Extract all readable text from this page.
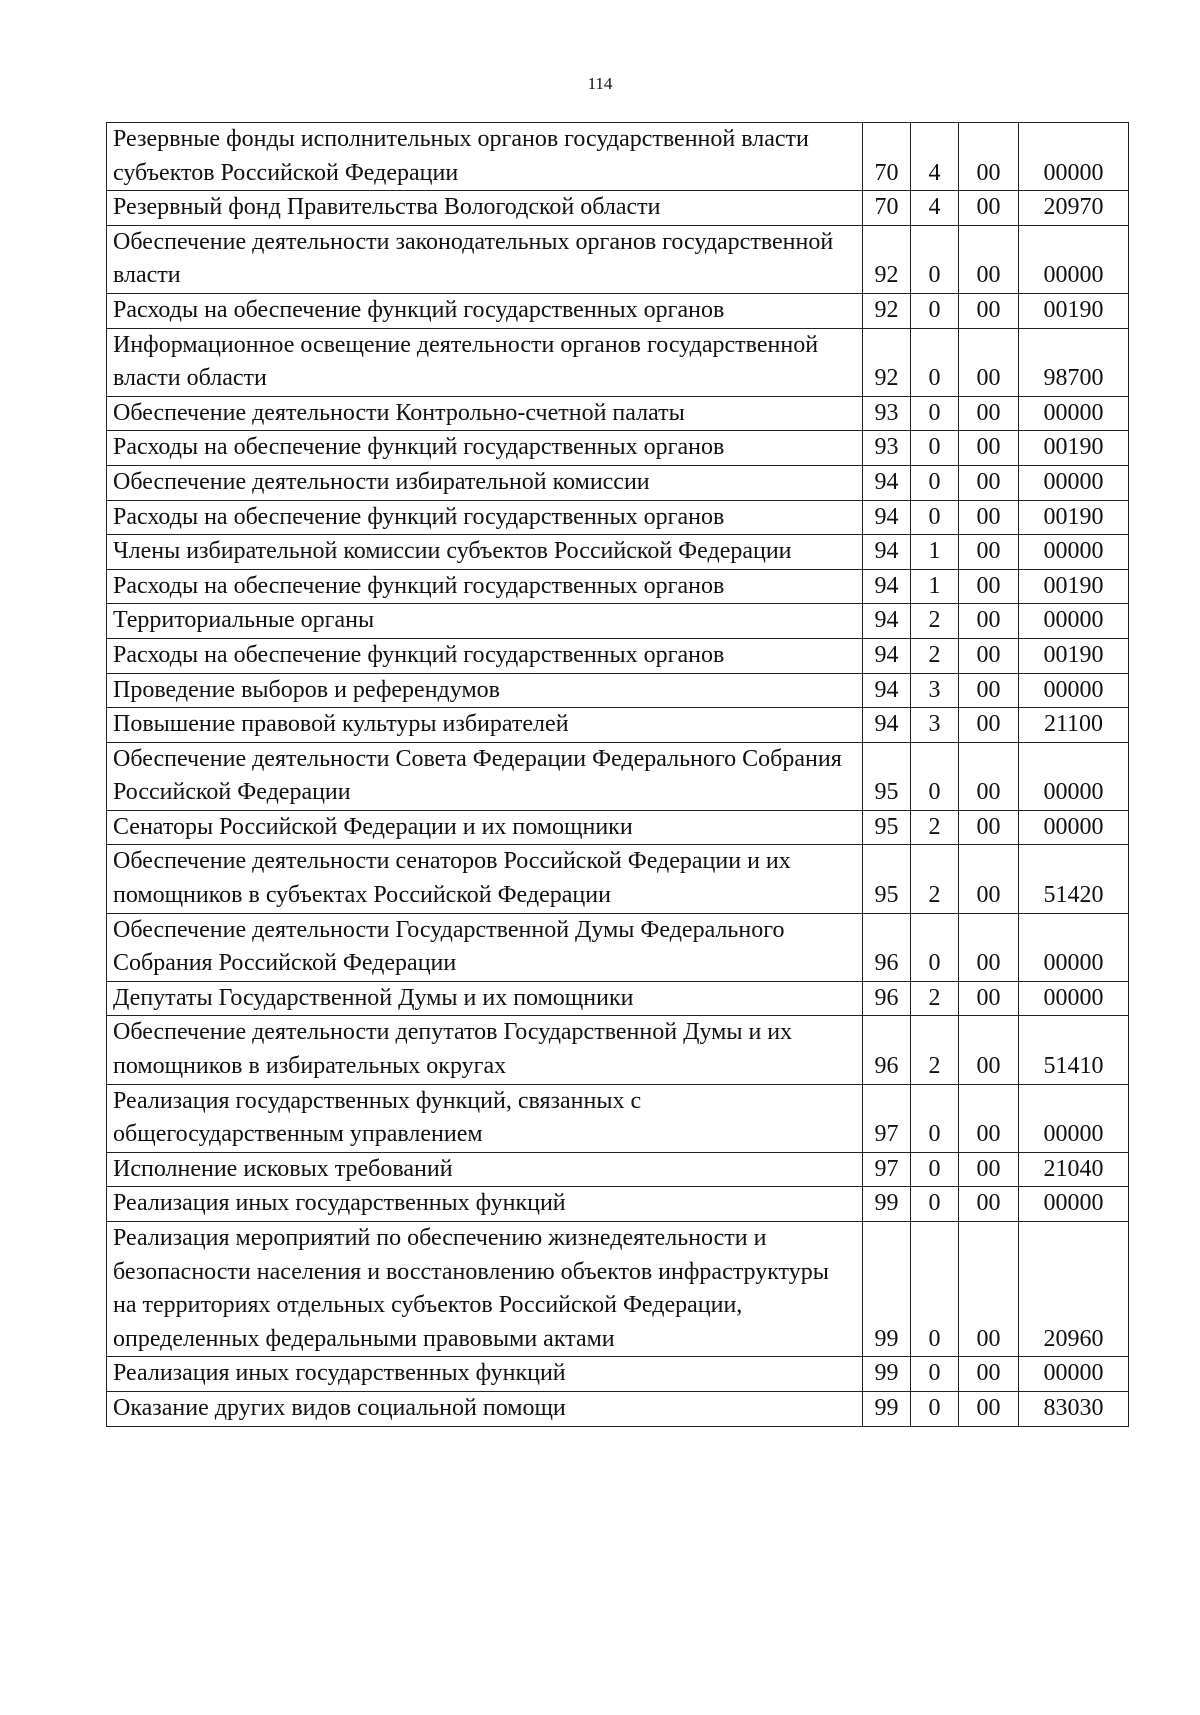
114
Резервные фонды исполнительных органов государственной власти субъектов Российской Федерации	70	4	00	00000
Резервный фонд Правительства Вологодской области	70	4	00	20970
Обеспечение деятельности законодательных органов государственной власти	92	0	00	00000
Расходы на обеспечение функций государственных органов	92	0	00	00190
Информационное освещение деятельности органов государственной власти области	92	0	00	98700
Обеспечение деятельности Контрольно-счетной палаты	93	0	00	00000
Расходы на обеспечение функций государственных органов	93	0	00	00190
Обеспечение деятельности избирательной комиссии	94	0	00	00000
Расходы на обеспечение функций государственных органов	94	0	00	00190
Члены избирательной комиссии субъектов Российской Федерации	94	1	00	00000
Расходы на обеспечение функций государственных органов	94	1	00	00190
Территориальные органы	94	2	00	00000
Расходы на обеспечение функций государственных органов	94	2	00	00190
Проведение выборов и референдумов	94	3	00	00000
Повышение правовой культуры избирателей	94	3	00	21100
Обеспечение деятельности Совета Федерации Федерального Собрания Российской Федерации	95	0	00	00000
Сенаторы Российской Федерации и их помощники	95	2	00	00000
Обеспечение деятельности сенаторов Российской Федерации и их помощников в субъектах Российской Федерации	95	2	00	51420
Обеспечение деятельности Государственной Думы Федерального Собрания Российской Федерации	96	0	00	00000
Депутаты Государственной Думы и их помощники	96	2	00	00000
Обеспечение деятельности депутатов Государственной Думы и их помощников в избирательных округах	96	2	00	51410
Реализация государственных функций, связанных с общегосударственным управлением	97	0	00	00000
Исполнение исковых требований	97	0	00	21040
Реализация иных государственных функций	99	0	00	00000
Реализация мероприятий по обеспечению жизнедеятельности и безопасности населения и восстановлению объектов инфраструктуры на территориях отдельных субъектов Российской Федерации, определенных федеральными правовыми актами	99	0	00	20960
Реализация иных государственных функций	99	0	00	00000
Оказание других видов социальной помощи	99	0	00	83030
